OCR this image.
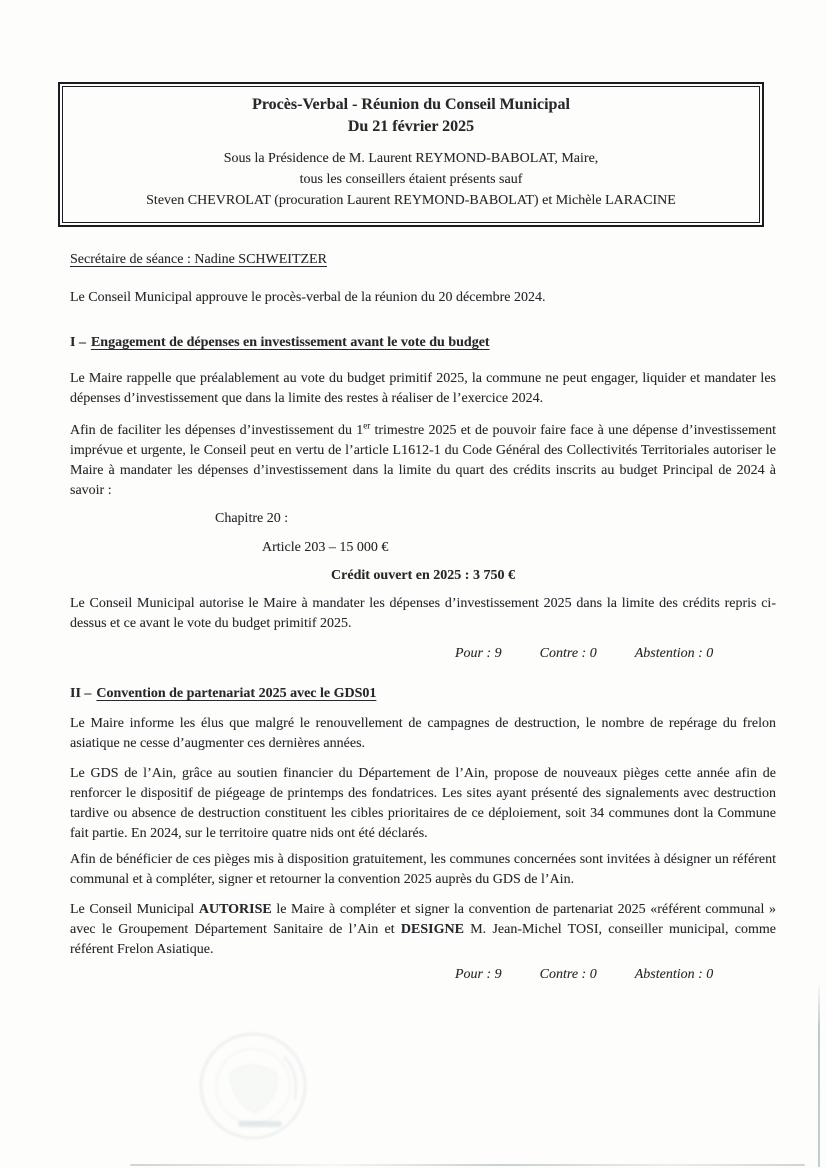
Procès-Verbal - Réunion du Conseil Municipal

Du 21 février 2025

Sous la Présidence de M. Laurent REYMOND-BABOLAT, Maire,

tous les conseillers étaient présents sauf

Steven CHEVROLAT (procuration Laurent REYMOND-BABOLAT) et Michèle LARACINE

Secrétaire de séance : Nadine SCHWEITZER

Le Conseil Municipal approuve le procès-verbal de la réunion du 20 décembre 2024.

I – Engagement de dépenses en investissement avant le vote du budget

Le Maire rappelle que préalablement au vote du budget primitif 2025, la commune ne peut engager, liquider et mandater les dépenses d’investissement que dans la limite des restes à réaliser de l’exercice 2024.

Afin de faciliter les dépenses d’investissement du 1er trimestre 2025 et de pouvoir faire face à une dépense d’investissement imprévue et urgente, le Conseil peut en vertu de l’article L1612-1 du Code Général des Collectivités Territoriales autoriser le Maire à mandater les dépenses d’investissement dans la limite du quart des crédits inscrits au budget Principal de 2024 à savoir :

Chapitre 20 :

Article 203 – 15 000 €

Crédit ouvert en 2025 : 3 750 €

Le Conseil Municipal autorise le Maire à mandater les dépenses d’investissement 2025 dans la limite des crédits repris ci-dessus et ce avant le vote du budget primitif 2025.

Pour : 9	Contre : 0	Abstention : 0

II – Convention de partenariat 2025 avec le GDS01

Le Maire informe les élus que malgré le renouvellement de campagnes de destruction, le nombre de repérage du frelon asiatique ne cesse d’augmenter ces dernières années.

Le GDS de l’Ain, grâce au soutien financier du Département de l’Ain, propose de nouveaux pièges cette année afin de renforcer le dispositif de piégeage de printemps des fondatrices. Les sites ayant présenté des signalements avec destruction tardive ou absence de destruction constituent les cibles prioritaires de ce déploiement, soit 34 communes dont la Commune fait partie. En 2024, sur le territoire quatre nids ont été déclarés.

Afin de bénéficier de ces pièges mis à disposition gratuitement, les communes concernées sont invitées à désigner un référent communal et à compléter, signer et retourner la convention 2025 auprès du GDS de l’Ain.

Le Conseil Municipal AUTORISE le Maire à compléter et signer la convention de partenariat 2025 «référent communal » avec le Groupement Département Sanitaire de l’Ain et DESIGNE M. Jean-Michel TOSI, conseiller municipal, comme référent Frelon Asiatique.

Pour : 9	Contre : 0	Abstention : 0
